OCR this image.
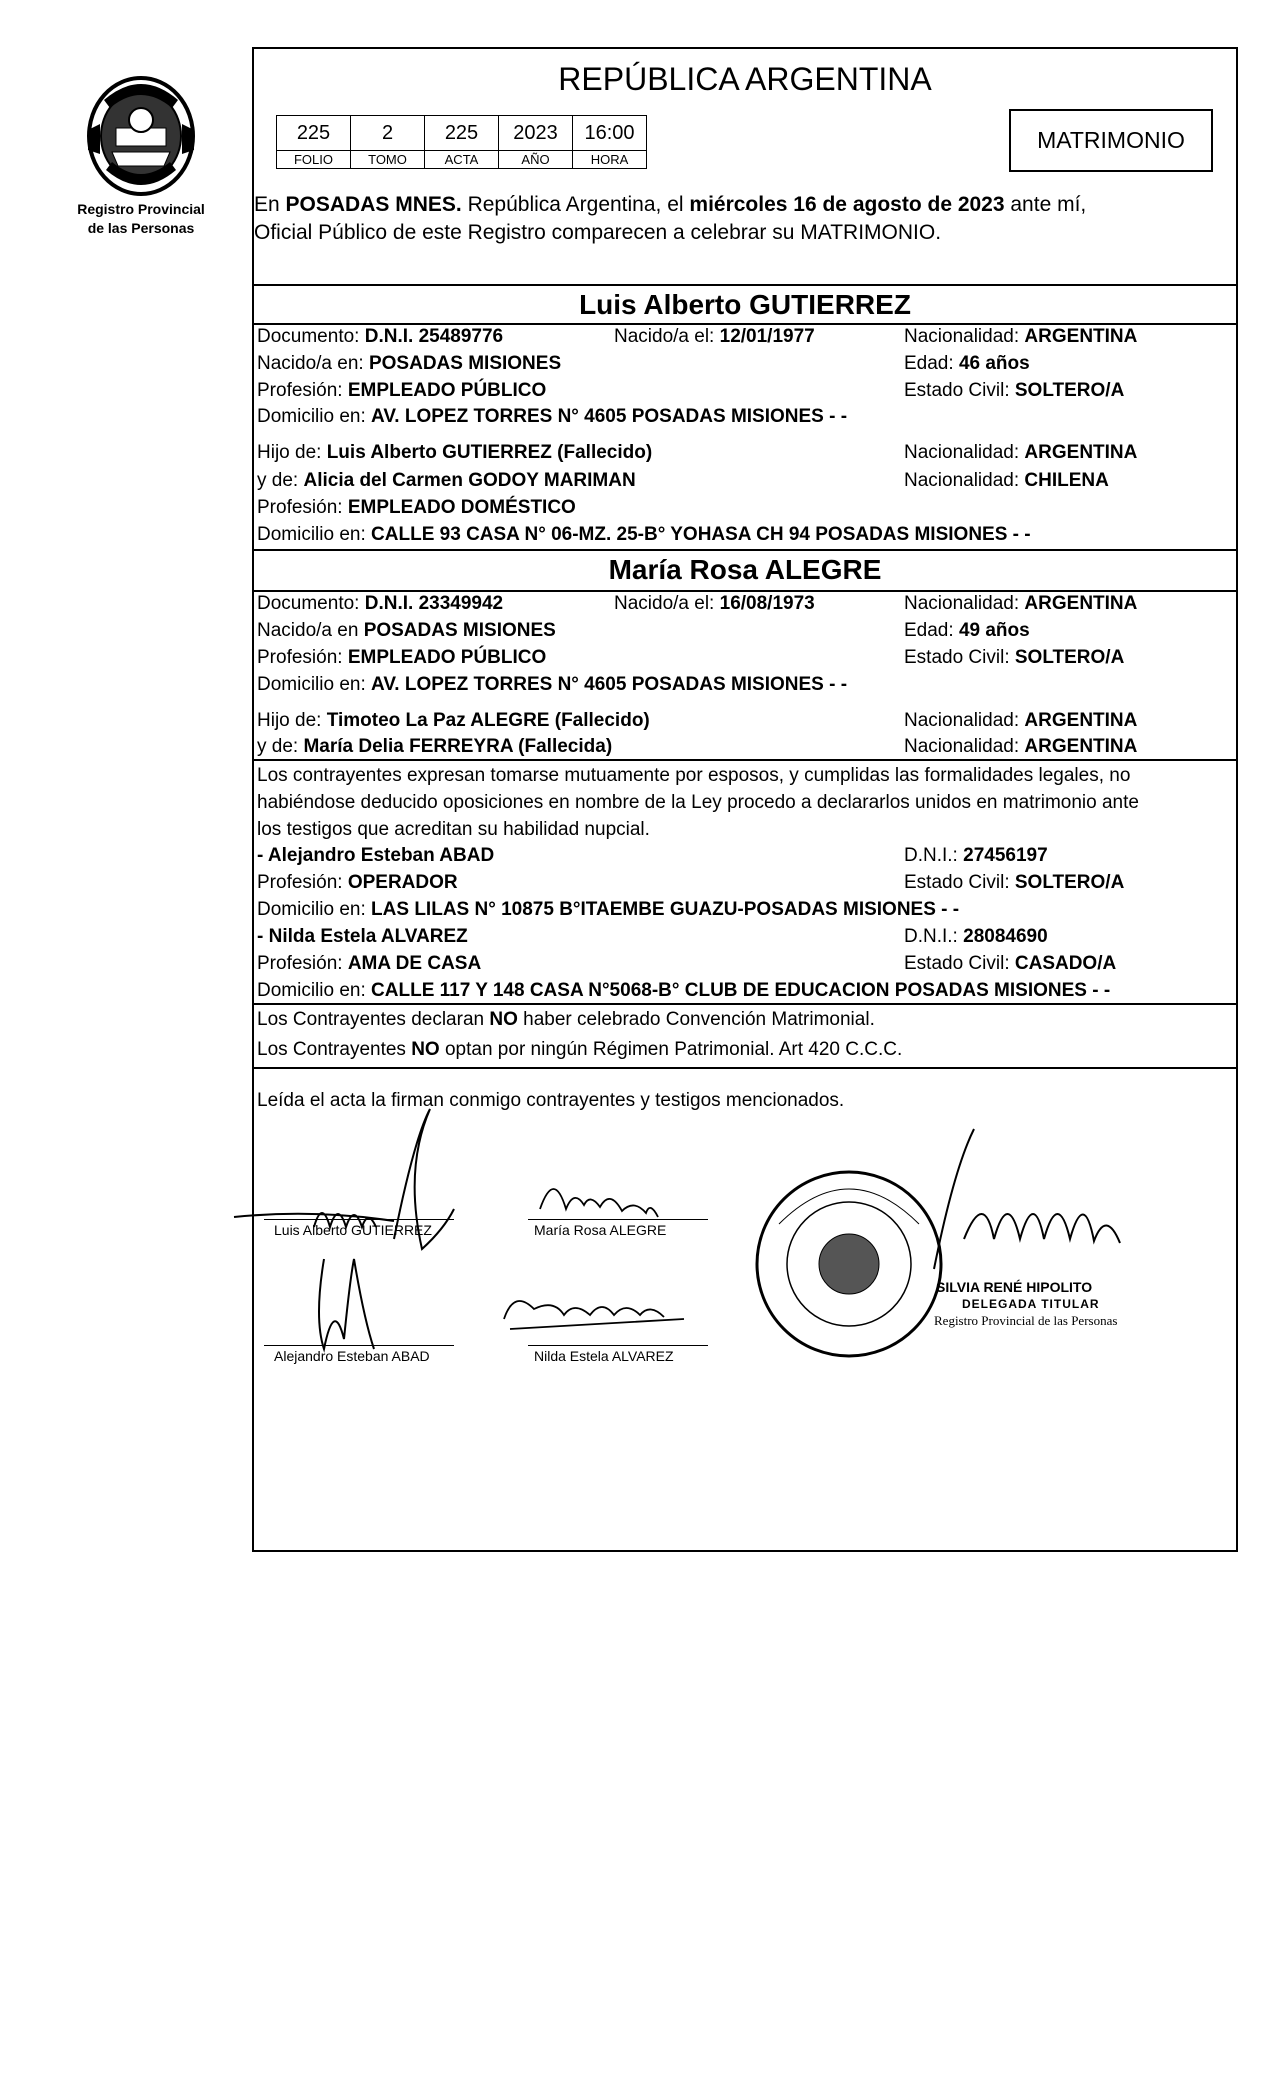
Registro Provincial
de las Personas
REPÚBLICA ARGENTINA
225	2	225	2023	16:00
FOLIO	TOMO	ACTA	AÑO	HORA
MATRIMONIO
En POSADAS MNES. República Argentina, el miércoles 16 de agosto de 2023 ante mí,
Oficial Público de este Registro comparecen a celebrar su MATRIMONIO.
Luis Alberto GUTIERREZ
Documento: D.N.I. 25489776	Nacido/a el: 12/01/1977	Nacionalidad: ARGENTINA
Nacido/a en: POSADAS MISIONES	Edad: 46 años
Profesión: EMPLEADO PÚBLICO	Estado Civil: SOLTERO/A
Domicilio en: AV. LOPEZ TORRES N° 4605 POSADAS MISIONES - -
Hijo de: Luis Alberto GUTIERREZ (Fallecido)	Nacionalidad: ARGENTINA
y de: Alicia del Carmen GODOY MARIMAN	Nacionalidad: CHILENA
Profesión: EMPLEADO DOMÉSTICO
Domicilio en: CALLE 93 CASA N° 06-MZ. 25-B° YOHASA CH 94 POSADAS MISIONES - -
María Rosa ALEGRE
Documento: D.N.I. 23349942	Nacido/a el: 16/08/1973	Nacionalidad: ARGENTINA
Nacido/a en POSADAS MISIONES	Edad: 49 años
Profesión: EMPLEADO PÚBLICO	Estado Civil: SOLTERO/A
Domicilio en: AV. LOPEZ TORRES N° 4605 POSADAS MISIONES - -
Hijo de: Timoteo La Paz ALEGRE (Fallecido)	Nacionalidad: ARGENTINA
y de: María Delia FERREYRA (Fallecida)	Nacionalidad: ARGENTINA
Los contrayentes expresan tomarse mutuamente por esposos, y cumplidas las formalidades legales, no
habiéndose deducido oposiciones en nombre de la Ley procedo a declararlos unidos en matrimonio ante
los testigos que acreditan su habilidad nupcial.
- Alejandro Esteban ABAD	D.N.I.: 27456197
Profesión: OPERADOR	Estado Civil: SOLTERO/A
Domicilio en: LAS LILAS N° 10875 B°ITAEMBE GUAZU-POSADAS MISIONES - -
- Nilda Estela ALVAREZ	D.N.I.: 28084690
Profesión: AMA DE CASA	Estado Civil: CASADO/A
Domicilio en: CALLE 117 Y 148 CASA N°5068-B° CLUB DE EDUCACION POSADAS MISIONES - -
Los Contrayentes declaran NO haber celebrado Convención Matrimonial.
Los Contrayentes NO optan por ningún Régimen Patrimonial. Art 420 C.C.C.
Leída el acta la firman conmigo contrayentes y testigos mencionados.
Luis Alberto GUTIERREZ	María Rosa ALEGRE
Alejandro Esteban ABAD	Nilda Estela ALVAREZ
SILVIA RENÉ HIPOLITO
DELEGADA TITULAR
Registro Provincial de las Personas
